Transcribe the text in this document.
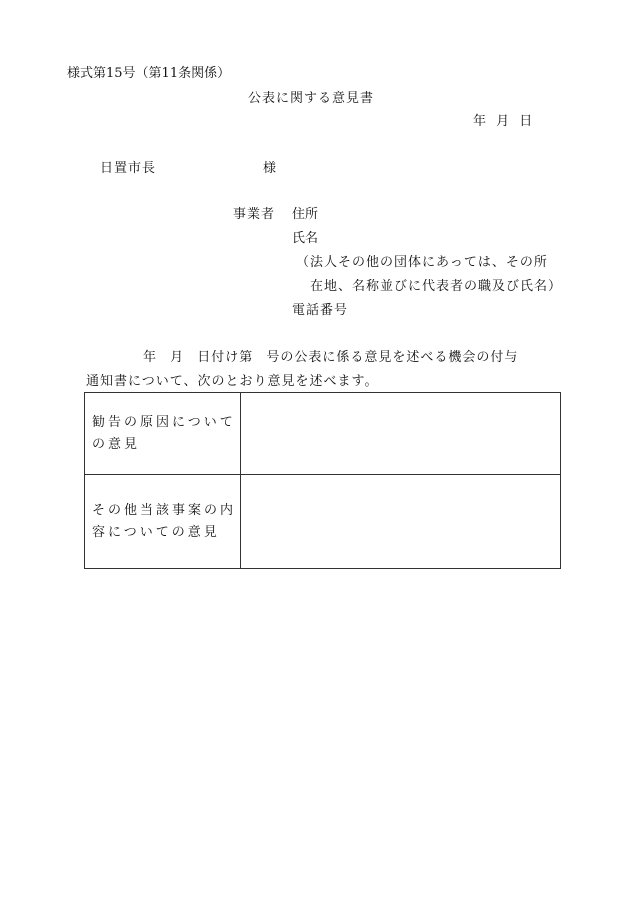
様式第15号（第11条関係）
公表に関する意見書
年 月 日
日置市長	様
事業者 住所
氏名
（法人その他の団体にあっては、その所
在地、名称並びに代表者の職及び氏名）
電話番号
年 月 日付け第 号の公表に係る意見を述べる機会の付与
通知書について、次のとおり意見を述べます。
勧告の原因についての意見	
その他当該事案の内容についての意見	
